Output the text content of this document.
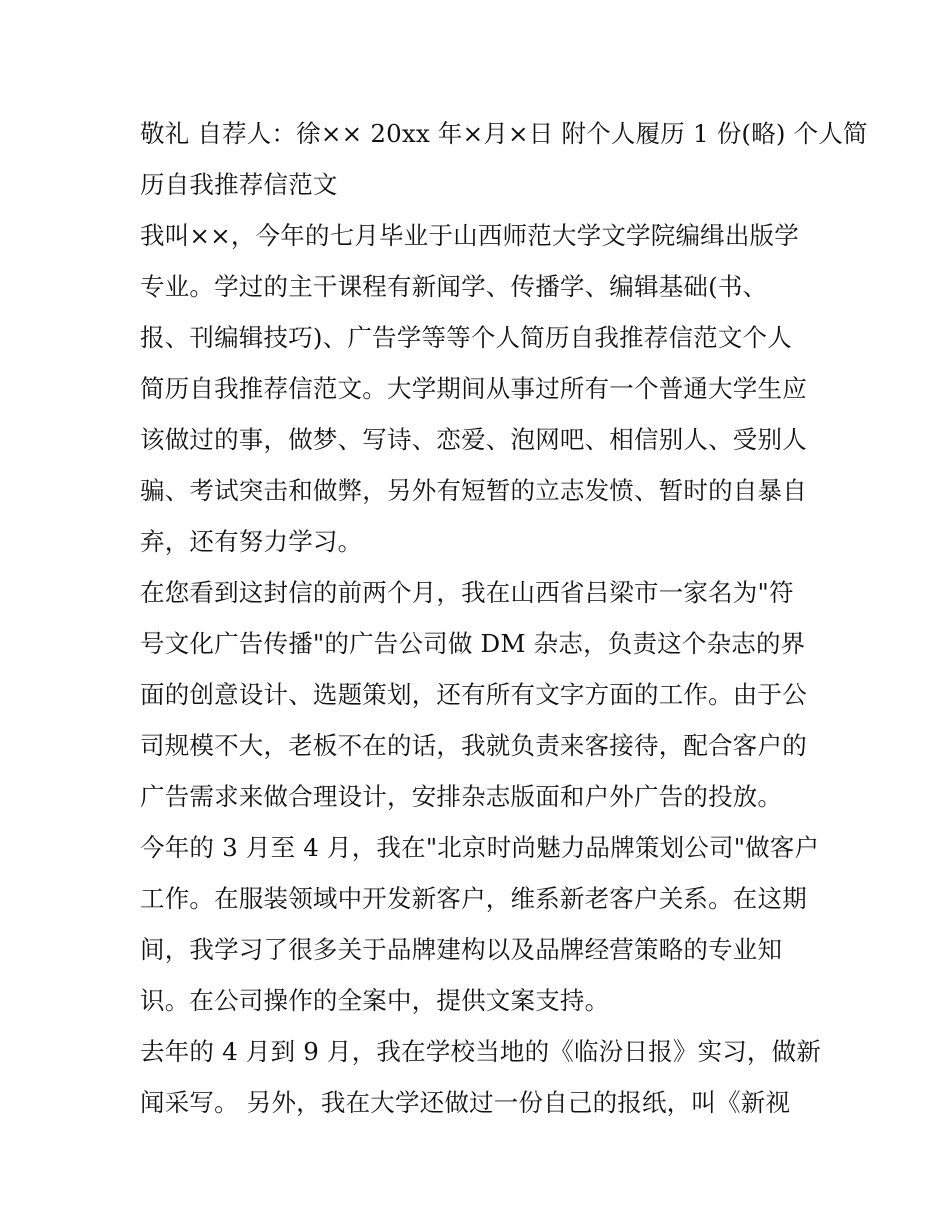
敬礼 自荐人：徐×× 20xx 年×月×日 附个人履历 1 份(略) 个人简
历自我推荐信范文
我叫××，今年的七月毕业于山西师范大学文学院编缉出版学
专业。学过的主干课程有新闻学、传播学、编辑基础(书、
报、刊编辑技巧)、广告学等等个人简历自我推荐信范文个人
简历自我推荐信范文。大学期间从事过所有一个普通大学生应
该做过的事，做梦、写诗、恋爱、泡网吧、相信别人、受别人
骗、考试突击和做弊，另外有短暂的立志发愤、暂时的自暴自
弃，还有努力学习。
在您看到这封信的前两个月，我在山西省吕梁市一家名为"符
号文化广告传播"的广告公司做 DM 杂志，负责这个杂志的界
面的创意设计、选题策划，还有所有文字方面的工作。由于公
司规模不大，老板不在的话，我就负责来客接待，配合客户的
广告需求来做合理设计，安排杂志版面和户外广告的投放。
今年的 3 月至 4 月，我在"北京时尚魅力品牌策划公司"做客户
工作。在服装领域中开发新客户，维系新老客户关系。在这期
间，我学习了很多关于品牌建构以及品牌经营策略的专业知
识。在公司操作的全案中，提供文案支持。
去年的 4 月到 9 月，我在学校当地的《临汾日报》实习，做新
闻采写。 另外，我在大学还做过一份自己的报纸，叫《新视
